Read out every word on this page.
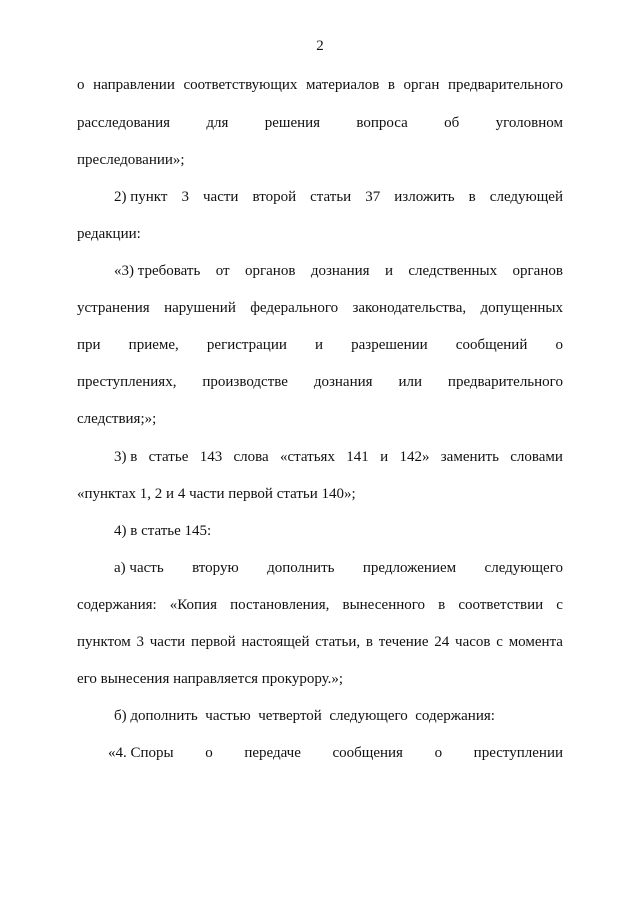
2
о направлении соответствующих материалов в орган предварительного
расследования для решения вопроса об уголовном
преследовании»;
2) пункт 3 части второй статьи 37 изложить в следующей
редакции:
«3) требовать от органов дознания и следственных органов
устранения нарушений федерального законодательства, допущенных
при приеме, регистрации и разрешении сообщений о
преступлениях, производстве дознания или предварительного
следствия;»;
3) в статье 143 слова «статьях 141 и 142» заменить словами
«пунктах 1, 2 и 4 части первой статьи 140»;
4) в статье 145:
а) часть вторую дополнить предложением следующего
содержания: «Копия постановления, вынесенного в соответствии с
пунктом 3 части первой настоящей статьи, в течение 24 часов с момента
его вынесения направляется прокурору.»;
б) дополнить  частью  четвертой  следующего  содержания:
«4. Споры о передаче сообщения о преступлении
